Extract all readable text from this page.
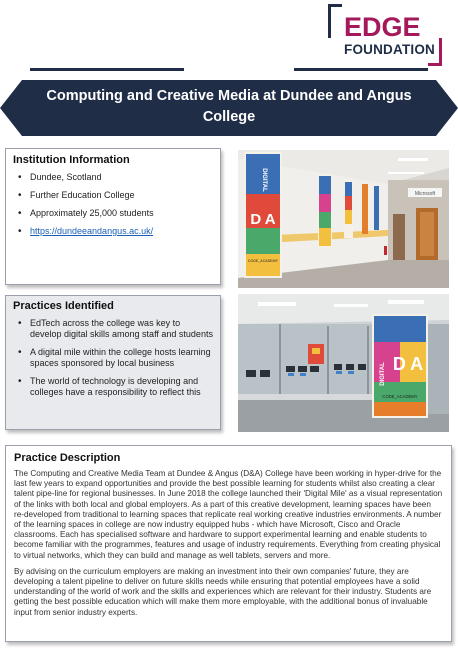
EDGE
FOUNDATION
Computing and Creative Media at Dundee and Angus College
Institution Information
• Dundee, Scotland
• Further Education College
• Approximately 25,000 students
• https://dundeeandangus.ac.uk/
Practices Identified
• EdTech across the college was key to develop digital skills among staff and students
• A digital mile within the college hosts learning spaces sponsored by local business
• The world of technology is developing and colleges have a responsibility to reflect this
DIGITAL
D A
CODE_ACADEMY
Microsoft
DIGITAL D A
CODE_ACADEMY
Practice Description

The Computing and Creative Media Team at Dundee & Angus (D&A) College have been working in hyper-drive for the last few years to expand opportunities and provide the best possible learning for students whilst also creating a clear talent pipe-line for regional businesses. In June 2018 the college launched their 'Digital Mile' as a visual representation of the links with both local and global employers. As a part of this creative development, learning spaces have been re-developed from traditional to learning spaces that replicate real working creative industries environments. A number of the learning spaces in college are now industry equipped hubs - which have Microsoft, Cisco and Oracle classrooms. Each has specialised software and hardware to support experimental learning and enable students to become familiar with the programmes, features and usage of industry requirements. Everything from creating physical to virtual networks, which they can build and manage as well tablets, servers and more.

By advising on the curriculum employers are making an investment into their own companies' future, they are developing a talent pipeline to deliver on future skills needs while ensuring that potential employees have a solid understanding of the world of work and the skills and experiences which are relevant for their industry. Students are getting the best possible education which will make them more employable, with the additional bonus of invaluable input from senior industry experts.
